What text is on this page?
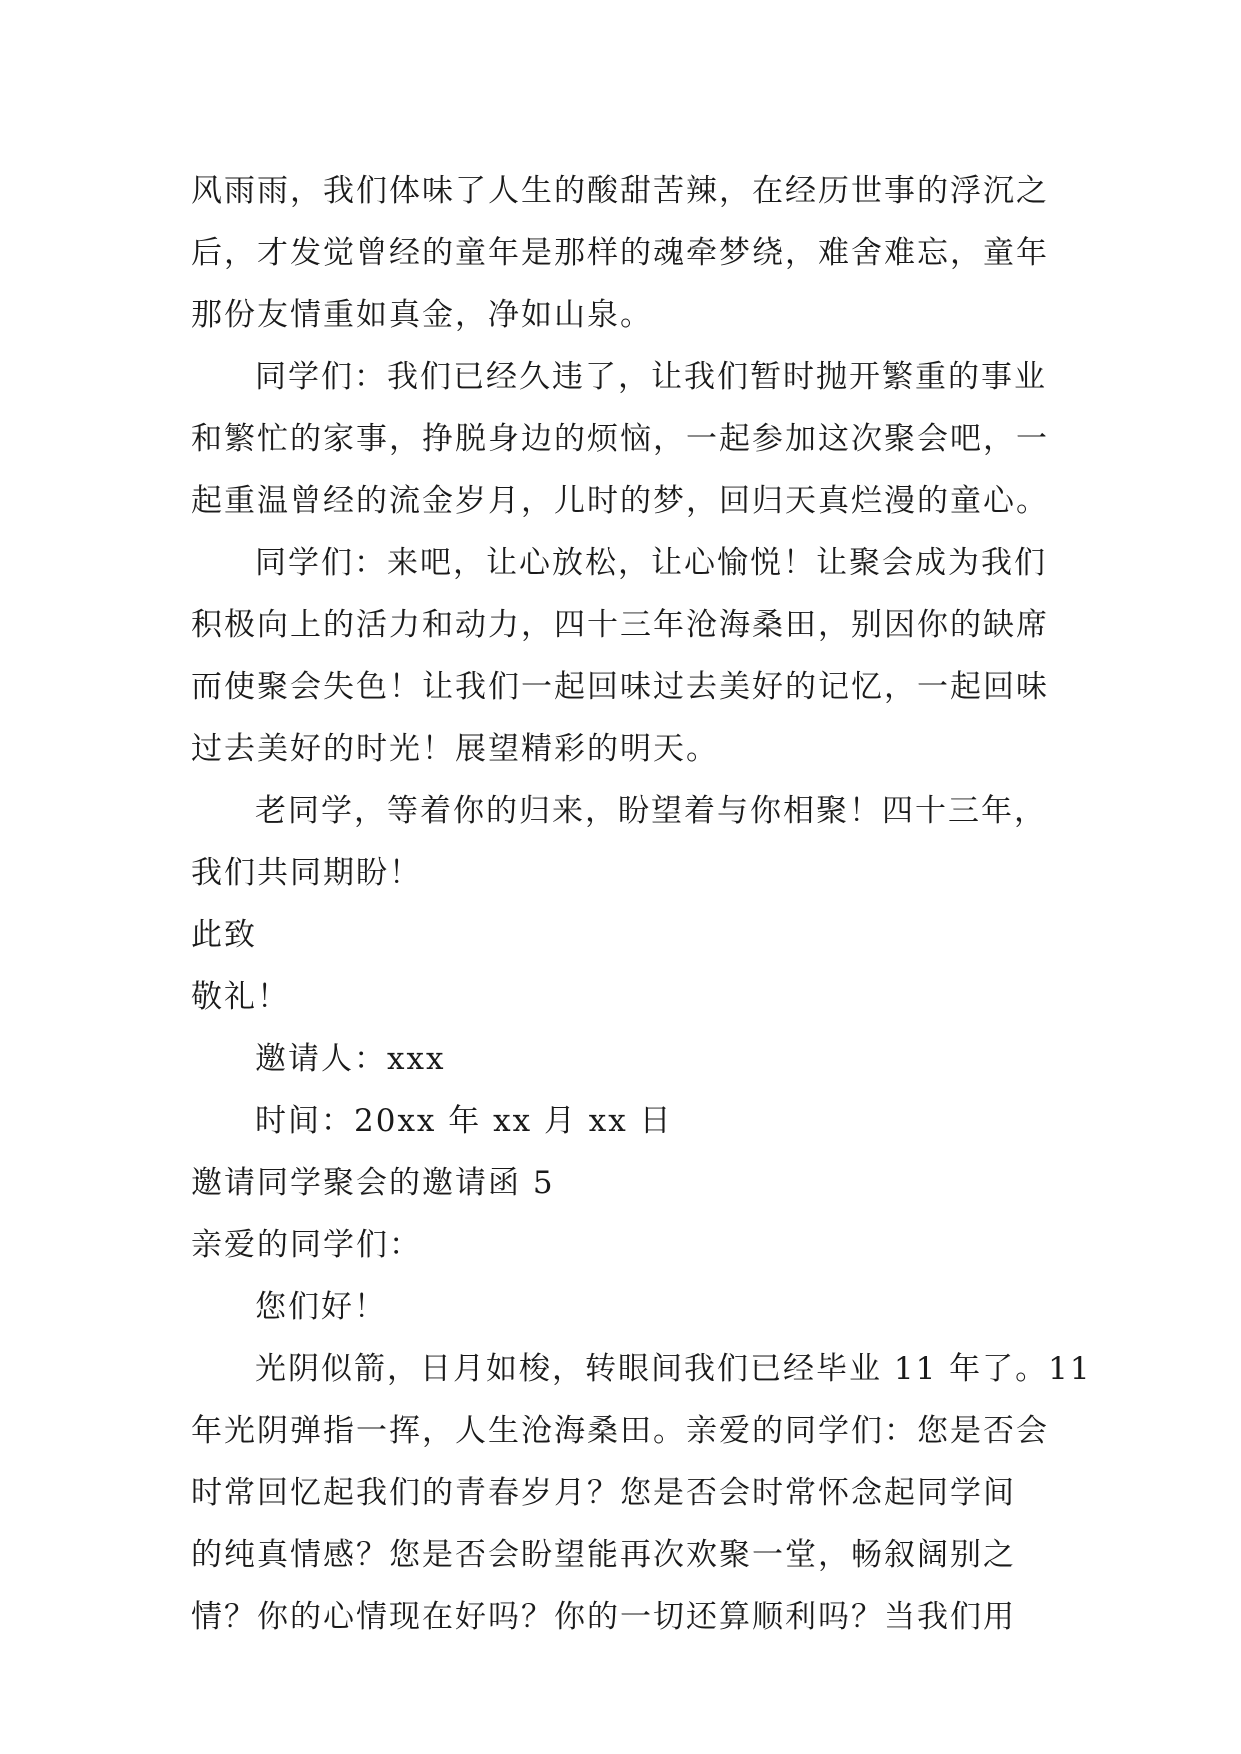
风雨雨，我们体味了人生的酸甜苦辣，在经历世事的浮沉之
后，才发觉曾经的童年是那样的魂牵梦绕，难舍难忘，童年
那份友情重如真金，净如山泉。
同学们：我们已经久违了，让我们暂时抛开繁重的事业
和繁忙的家事，挣脱身边的烦恼，一起参加这次聚会吧，一
起重温曾经的流金岁月，儿时的梦，回归天真烂漫的童心。
同学们：来吧，让心放松，让心愉悦！让聚会成为我们
积极向上的活力和动力，四十三年沧海桑田，别因你的缺席
而使聚会失色！让我们一起回味过去美好的记忆，一起回味
过去美好的时光！展望精彩的明天。
老同学，等着你的归来，盼望着与你相聚！四十三年，
我们共同期盼！
此致
敬礼！
邀请人：xxx
时间：20xx 年 xx 月 xx 日
邀请同学聚会的邀请函 5
亲爱的同学们：
您们好！
光阴似箭，日月如梭，转眼间我们已经毕业 11 年了。11
年光阴弹指一挥，人生沧海桑田。亲爱的同学们：您是否会
时常回忆起我们的青春岁月？您是否会时常怀念起同学间
的纯真情感？您是否会盼望能再次欢聚一堂，畅叙阔别之
情？你的心情现在好吗？你的一切还算顺利吗？当我们用
